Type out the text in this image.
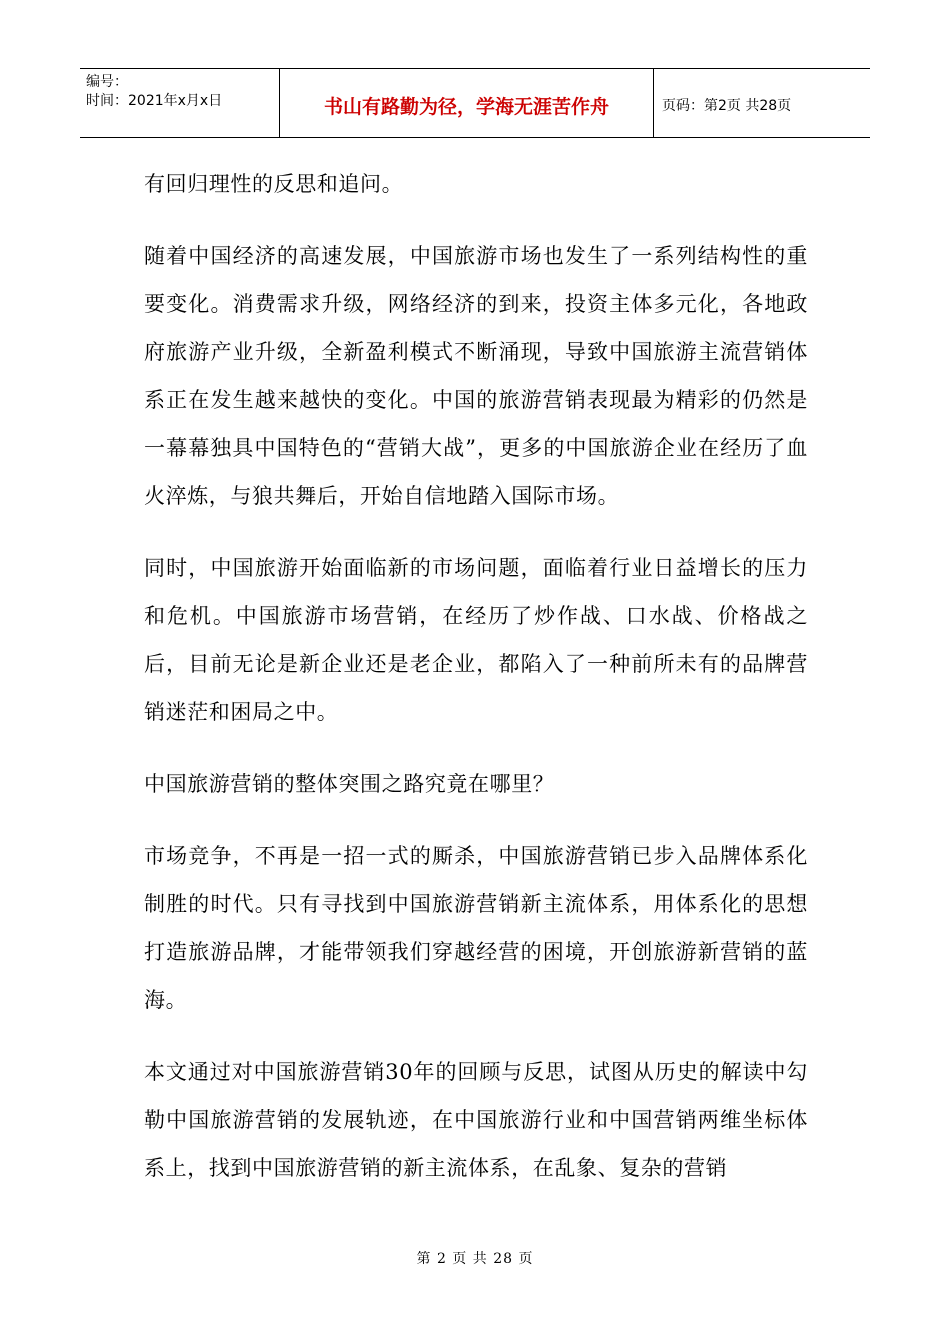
编号：
时间：2021年x月x日	书山有路勤为径，学海无涯苦作舟	页码：第2页 共28页

有回归理性的反思和追问。

随着中国经济的高速发展，中国旅游市场也发生了一系列结构性的重要变化。消费需求升级，网络经济的到来，投资主体多元化，各地政府旅游产业升级，全新盈利模式不断涌现，导致中国旅游主流营销体系正在发生越来越快的变化。中国的旅游营销表现最为精彩的仍然是一幕幕独具中国特色的“营销大战”，更多的中国旅游企业在经历了血火淬炼，与狼共舞后，开始自信地踏入国际市场。

同时，中国旅游开始面临新的市场问题，面临着行业日益增长的压力和危机。中国旅游市场营销，在经历了炒作战、口水战、价格战之后，目前无论是新企业还是老企业，都陷入了一种前所未有的品牌营销迷茫和困局之中。

中国旅游营销的整体突围之路究竟在哪里？

市场竞争，不再是一招一式的厮杀，中国旅游营销已步入品牌体系化制胜的时代。只有寻找到中国旅游营销新主流体系，用体系化的思想打造旅游品牌，才能带领我们穿越经营的困境，开创旅游新营销的蓝海。

本文通过对中国旅游营销30年的回顾与反思，试图从历史的解读中勾勒中国旅游营销的发展轨迹，在中国旅游行业和中国营销两维坐标体系上，找到中国旅游营销的新主流体系，在乱象、复杂的营销

第 2 页 共 28 页
